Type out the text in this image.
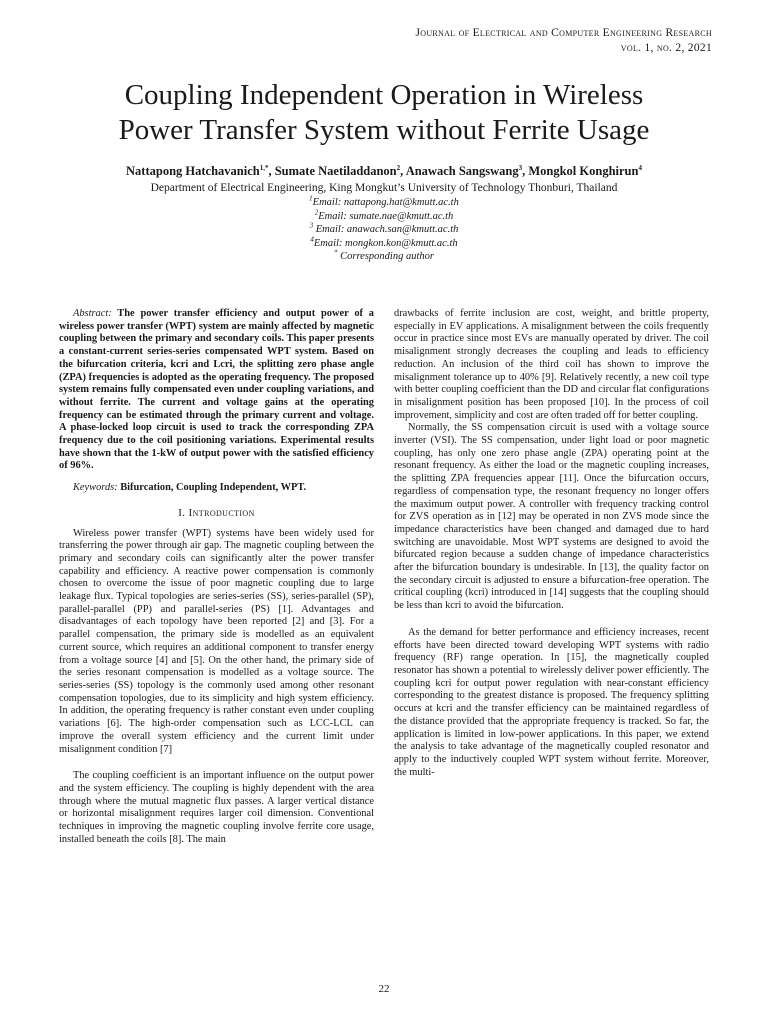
Journal of Electrical and Computer Engineering Research
vol. 1, no. 2, 2021
Coupling Independent Operation in Wireless
Power Transfer System without Ferrite Usage
Nattapong Hatchavanich$^{1,*}$, Sumate Naetiladdanon$^2$, Anawach Sangswang$^3$, Mongkol Konghirun$^4$
Department of Electrical Engineering, King Mongkut’s University of Technology Thonburi, Thailand
$^1$Email: nattapong.hat@kmutt.ac.th
$^2$Email: sumate.nae@kmutt.ac.th
$^3$ Email: anawach.san@kmutt.ac.th
$^4$Email: mongkon.kon@kmutt.ac.th
* Corresponding author

Abstract: The power transfer efficiency and output power of a wireless power transfer (WPT) system are mainly affected by magnetic coupling between the primary and secondary coils. This paper presents a constant-current series-series compensated WPT system. Based on the bifurcation criteria, kcri and Lcri, the splitting zero phase angle (ZPA) frequencies is adopted as the operating frequency. The proposed system remains fully compensated even under coupling variations, and without ferrite. The current and voltage gains at the operating frequency can be estimated through the primary current and voltage. A phase-locked loop circuit is used to track the corresponding ZPA frequency due to the coil positioning variations. Experimental results have shown that the 1-kW of output power with the satisfied efficiency of 96%.

Keywords: Bifurcation, Coupling Independent, WPT.

I. Introduction

Wireless power transfer (WPT) systems have been widely used for transferring the power through air gap. The magnetic coupling between the primary and secondary coils can significantly alter the power transfer capability and efficiency. A reactive power compensation is commonly chosen to overcome the issue of poor magnetic coupling due to large leakage flux. Typical topologies are series-series (SS), series-parallel (SP), parallel-parallel (PP) and parallel-series (PS) [1]. Advantages and disadvantages of each topology have been reported [2] and [3]. For a parallel compensation, the primary side is modelled as an equivalent current source, which requires an additional component to transfer energy from a voltage source [4] and [5]. On the other hand, the primary side of the series resonant compensation is modelled as a voltage source. The series-series (SS) topology is the commonly used among other resonant compensation topologies, due to its simplicity and high system efficiency. In addition, the operating frequency is rather constant even under coupling variations [6]. The high-order compensation such as LCC-LCL can improve the overall system efficiency and the current limit under misalignment condition [7]

The coupling coefficient is an important influence on the output power and the system efficiency. The coupling is highly dependent with the area through where the mutual magnetic flux passes. A larger vertical distance or horizontal misalignment requires larger coil dimension. Conventional techniques in improving the magnetic coupling involve ferrite core usage, installed beneath the coils [8]. The main

drawbacks of ferrite inclusion are cost, weight, and brittle property, especially in EV applications. A misalignment between the coils frequently occur in practice since most EVs are manually operated by driver. The coil misalignment strongly decreases the coupling and leads to efficiency reduction. An inclusion of the third coil has shown to improve the misalignment tolerance up to 40% [9]. Relatively recently, a new coil type with better coupling coefficient than the DD and circular flat configurations in misalignment position has been proposed [10]. In the process of coil improvement, simplicity and cost are often traded off for better coupling.

Normally, the SS compensation circuit is used with a voltage source inverter (VSI). The SS compensation, under light load or poor magnetic coupling, has only one zero phase angle (ZPA) operating point at the resonant frequency. As either the load or the magnetic coupling increases, the splitting ZPA frequencies appear [11]. Once the bifurcation occurs, regardless of compensation type, the resonant frequency no longer offers the maximum output power. A controller with frequency tracking control for ZVS operation as in [12] may be operated in non ZVS mode since the impedance characteristics have been changed and damaged due to hard switching are unavoidable. Most WPT systems are designed to avoid the bifurcated region because a sudden change of impedance characteristics after the bifurcation boundary is undesirable. In [13], the quality factor on the secondary circuit is adjusted to ensure a bifurcation-free operation. The critical coupling (kcri) introduced in [14] suggests that the coupling should be less than kcri to avoid the bifurcation.

As the demand for better performance and efficiency increases, recent efforts have been directed toward developing WPT systems with radio frequency (RF) range operation. In [15], the magnetically coupled resonator has shown a potential to wirelessly deliver power efficiently. The coupling kcri for output power regulation with near-constant efficiency corresponding to the greatest distance is proposed. The frequency splitting occurs at kcri and the transfer efficiency can be maintained regardless of the distance provided that the appropriate frequency is tracked. So far, the application is limited in low-power applications. In this paper, we extend the analysis to take advantage of the magnetically coupled resonator and apply to the inductively coupled WPT system without ferrite. Moreover, the multi-

22
